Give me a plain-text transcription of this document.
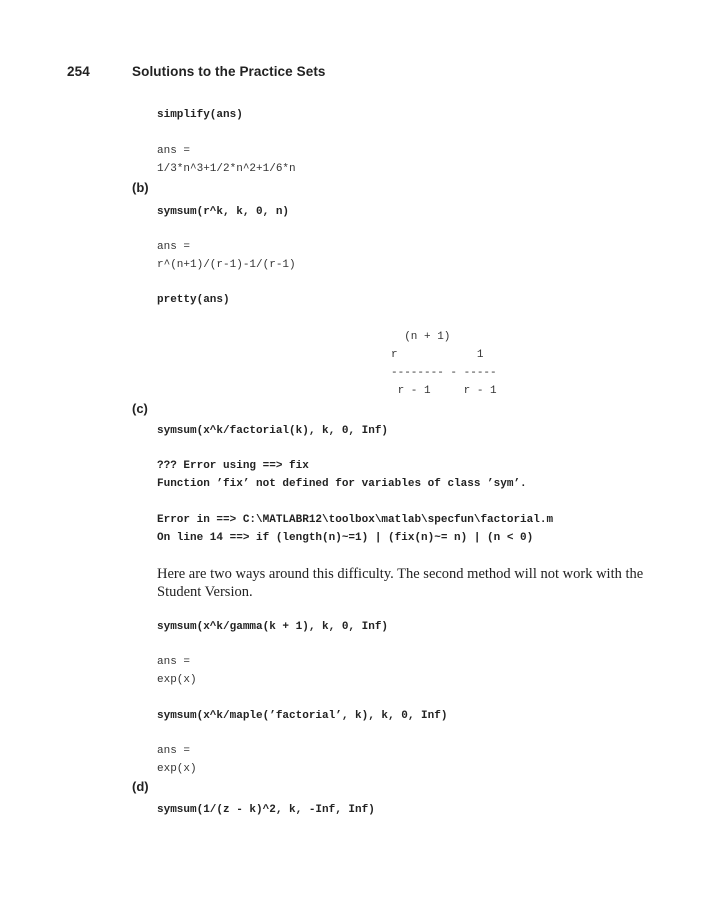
254	Solutions to the Practice Sets
simplify(ans)
ans =
1/3*n^3+1/2*n^2+1/6*n
(b)
symsum(r^k, k, 0, n)
ans =
r^(n+1)/(r-1)-1/(r-1)
pretty(ans)
(n + 1)
r            1
-------- - -----
r - 1     r - 1
(c)
symsum(x^k/factorial(k), k, 0, Inf)
??? Error using ==> fix
Function ’fix’ not defined for variables of class ’sym’.
Error in ==> C:\MATLABR12\toolbox\matlab\specfun\factorial.m
On line 14 ==> if (length(n)~=1) | (fix(n)~= n) | (n < 0)
Here are two ways around this difficulty. The second method will not work with the Student Version.
symsum(x^k/gamma(k + 1), k, 0, Inf)
ans =
exp(x)
symsum(x^k/maple(’factorial’, k), k, 0, Inf)
ans =
exp(x)
(d)
symsum(1/(z - k)^2, k, -Inf, Inf)
